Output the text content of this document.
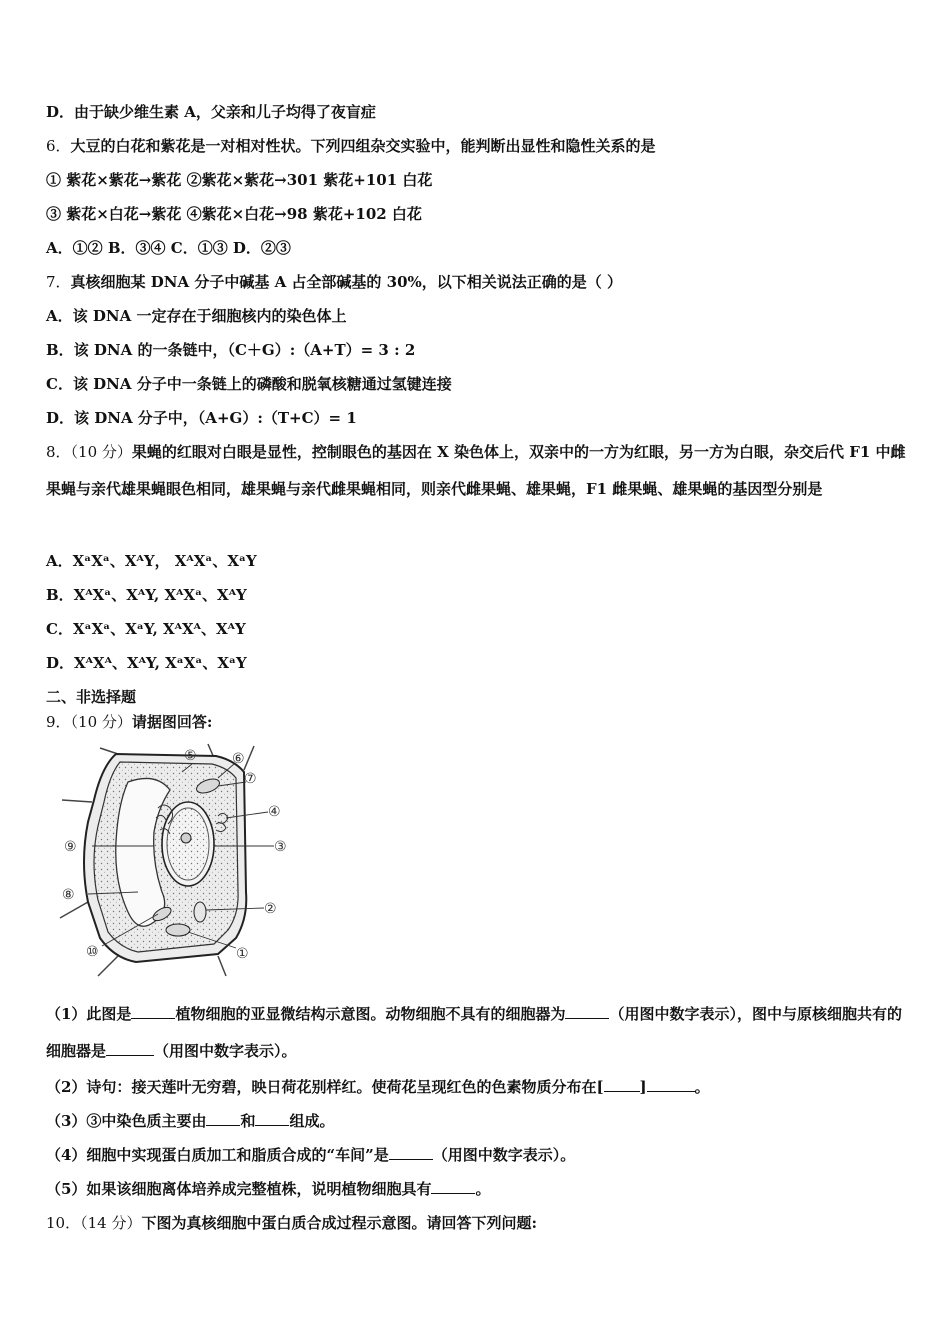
D．由于缺少维生素 A，父亲和儿子均得了夜盲症
6．大豆的白花和紫花是一对相对性状。下列四组杂交实验中，能判断出显性和隐性关系的是
① 紫花×紫花→紫花 ②紫花×紫花→301 紫花+101 白花
③ 紫花×白花→紫花 ④紫花×白花→98 紫花+102 白花
A．①② B．③④ C．①③ D．②③
7．真核细胞某 DNA 分子中碱基 A 占全部碱基的 30%，以下相关说法正确的是（ ）
A．该 DNA 一定存在于细胞核内的染色体上
B．该 DNA 的一条链中，（C＋G）:（A+T）= 3 : 2
C．该 DNA 分子中一条链上的磷酸和脱氧核糖通过氢键连接
D．该 DNA 分子中，（A+G）:（T+C）= 1
8．（10 分）果蝇的红眼对白眼是显性，控制眼色的基因在 X 染色体上，双亲中的一方为红眼，另一方为白眼，杂交后代 F1 中雌果蝇与亲代雄果蝇眼色相同，雄果蝇与亲代雌果蝇相同，则亲代雌果蝇、雄果蝇，F1 雌果蝇、雄果蝇的基因型分别是
A．XᵃXᵃ、XᴬY， XᴬXᵃ、XᵃY
B．XᴬXᵃ、XᴬY, XᴬXᵃ、XᴬY
C．XᵃXᵃ、XᵃY, XᴬXᴬ、XᴬY
D．XᴬXᴬ、XᴬY, XᵃXᵃ、XᵃY
二、非选择题
9．（10 分）请据图回答:
⑤	⑥
⑦
④
③
⑨
⑧
②
⑩	①
（1）此图是	植物细胞的亚显微结构示意图。动物细胞不具有的细胞器为	（用图中数字表示），图中与原核细胞共有的细胞器是	（用图中数字表示）。
（2）诗句：接天莲叶无穷碧，映日荷花别样红。使荷花呈现红色的色素物质分布在[ ]	。
（3）③中染色质主要由 和 组成。
（4）细胞中实现蛋白质加工和脂质合成的“车间”是	（用图中数字表示）。
（5）如果该细胞离体培养成完整植株，说明植物细胞具有	。
10．（14 分）下图为真核细胞中蛋白质合成过程示意图。请回答下列问题:
